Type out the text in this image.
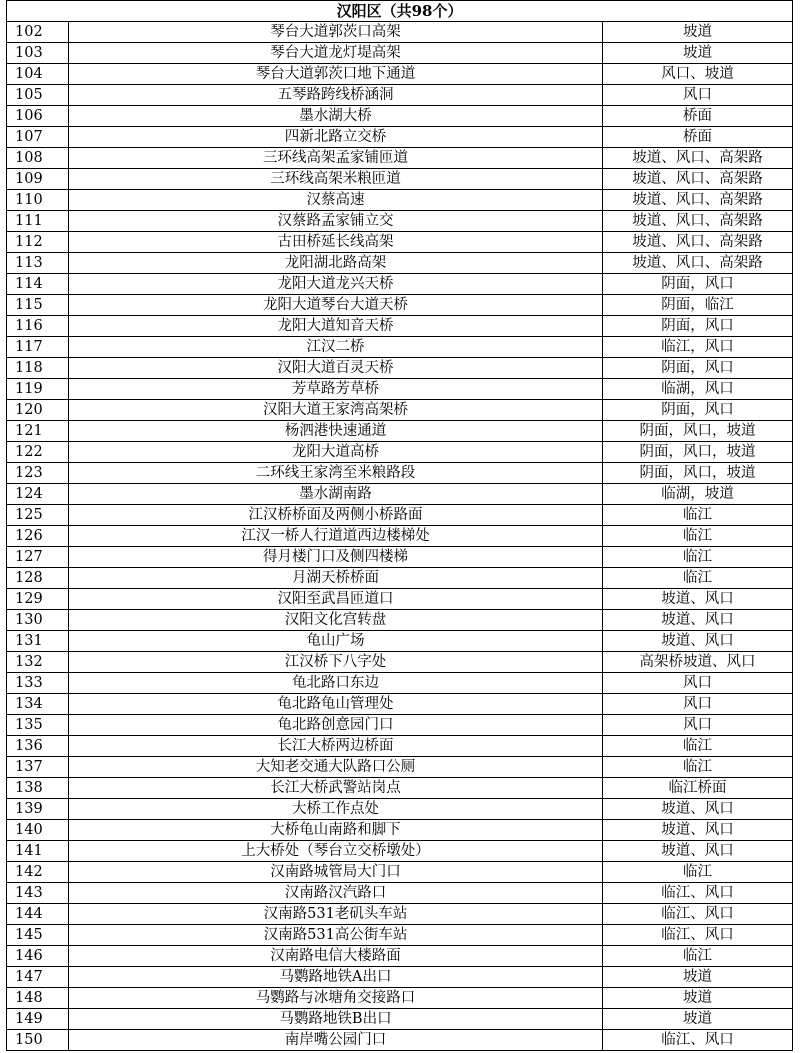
汉阳区（共98个）		
102	琴台大道郭茨口高架	坡道
103	琴台大道龙灯堤高架	坡道
104	琴台大道郭茨口地下通道	风口、坡道
105	五琴路跨线桥涵洞	风口
106	墨水湖大桥	桥面
107	四新北路立交桥	桥面
108	三环线高架孟家铺匝道	坡道、风口、高架路
109	三环线高架米粮匝道	坡道、风口、高架路
110	汉蔡高速	坡道、风口、高架路
111	汉蔡路孟家铺立交	坡道、风口、高架路
112	古田桥延长线高架	坡道、风口、高架路
113	龙阳湖北路高架	坡道、风口、高架路
114	龙阳大道龙兴天桥	阴面，风口
115	龙阳大道琴台大道天桥	阴面，临江
116	龙阳大道知音天桥	阴面，风口
117	江汉二桥	临江，风口
118	汉阳大道百灵天桥	阴面，风口
119	芳草路芳草桥	临湖，风口
120	汉阳大道王家湾高架桥	阴面，风口
121	杨泗港快速通道	阴面，风口，坡道
122	龙阳大道高桥	阴面，风口，坡道
123	二环线王家湾至米粮路段	阴面，风口，坡道
124	墨水湖南路	临湖，坡道
125	江汉桥桥面及两侧小桥路面	临江
126	江汉一桥人行道道西边楼梯处	临江
127	得月楼门口及侧四楼梯	临江
128	月湖天桥桥面	临江
129	汉阳至武昌匝道口	坡道、风口
130	汉阳文化宫转盘	坡道、风口
131	龟山广场	坡道、风口
132	江汉桥下八字处	高架桥坡道、风口
133	龟北路口东边	风口
134	龟北路龟山管理处	风口
135	龟北路创意园门口	风口
136	长江大桥两边桥面	临江
137	大知老交通大队路口公厕	临江
138	长江大桥武警站岗点	临江桥面
139	大桥工作点处	坡道、风口
140	大桥龟山南路和脚下	坡道、风口
141	上大桥处（琴台立交桥墩处）	坡道、风口
142	汉南路城管局大门口	临江
143	汉南路汉汽路口	临江、风口
144	汉南路531老矶头车站	临江、风口
145	汉南路531高公街车站	临江、风口
146	汉南路电信大楼路面	临江
147	马鹦路地铁A出口	坡道
148	马鹦路与冰塘角交接路口	坡道
149	马鹦路地铁B出口	坡道
150	南岸嘴公园门口	临江、风口
